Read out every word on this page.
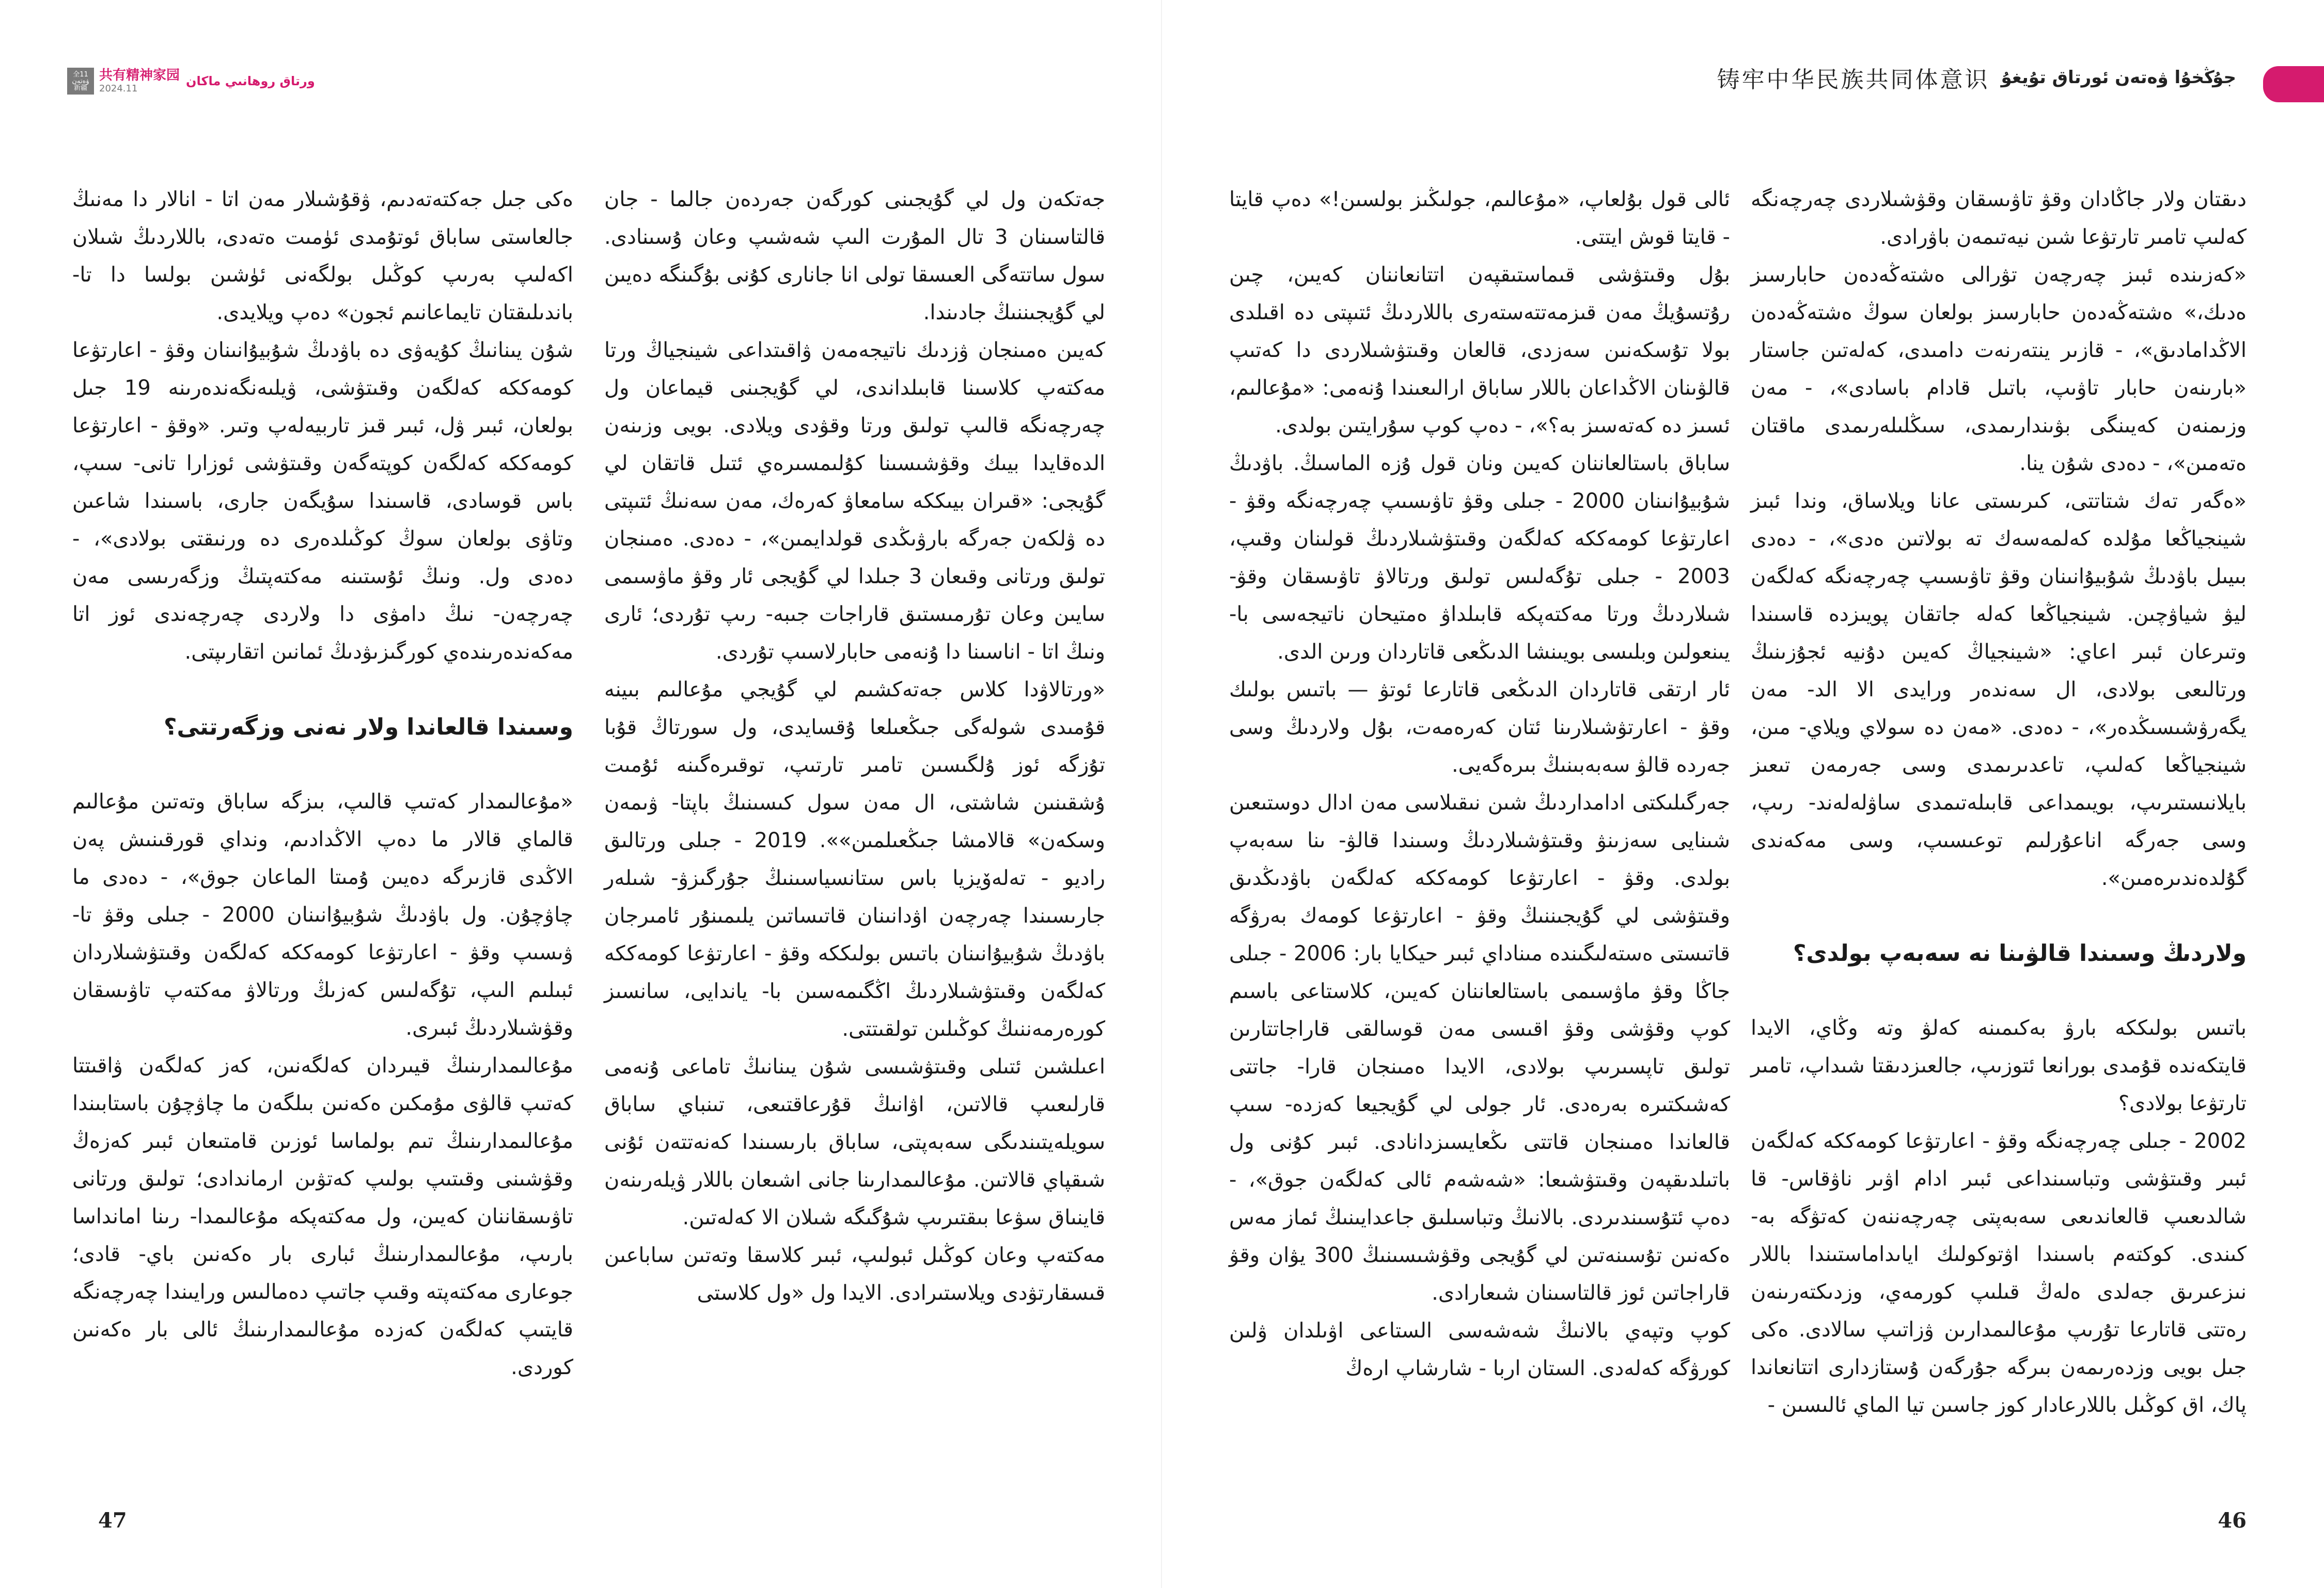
全11
ۋەتەن
新疆
共有精神家园
2024.11
ورتاق روھانىي ماكان	铸牢中华民族共同体意识 جۇڭخۇا ۋەتەن ئورتاق تۇيغۇ

ەكى جىل جەكتەتەدىم، ۋقۇشىلار مەن اتا - انالار دا مەنىڭ جالعاستى ساباق ئوتۇمدى ئۈمىت ەتەدى، باللاردىڭ شىلان اكەلىپ بەرىپ كوڭىل بولگەنى ئۈشىن بولسا دا تا- باندىلىقتان تايماعانىم ئجون» دەپ ويلايدى.

شۇن يىنانىڭ كۇيەۋى دە باۋدىڭ شۇبيۇانىنان وقۋ - اعارتۋعا كومەككە كەلگەن وقىتۋشى، ۋيلىەنگەندەرىنە 19 جىل بولعان، ئبىر ۋل، ئبىر قىز تاربيەلەپ وتىر. «وقۋ - اعارتۋعا كومەككە كەلگەن كوپتەگەن وقىتۋشى ئوزارا تانى- سىپ، باس قوسادى، قاسىندا سۇيگەن جارى، باسىندا شاعىن وتاۋى بولعان سوڭ كوڭىلدەرى دە ورنىقتى بولادى»، - دەدى ول. ونىڭ ئۇستىنە مەكتەپتىڭ وزگەرىسى مەن چەرچەن- نىڭ دامۋى دا ولاردى چەرچەندى ئوز اتا مەكەندەرىندەي كورگىزىۋدىڭ ئمانىن اتقارىپتى.

وسىندا قالعاندا ولار نەنى وزگەرتتى؟

«مۇعالىمدار كەتىپ قالىپ، بىزگە ساباق وتەتىن مۇعالىم قالماي قالار ما دەپ الاڭدادىم، ونداي قورقىنىش پەن الاڭدى قازىرگە دەيىن ۇمىتا الماعان جوق»، - دەدى ما چاۋچۇن. ول باۋدىڭ شۇبيۇانىنان 2000 - جىلى وقۋ تا- ۋىسىپ وقۋ - اعارتۋعا كومەككە كەلگەن وقىتۋشىلاردان ئبىلىم الىپ، تۇگەلىس كەزىڭ ورتالاۋ مەكتەپ تاۋىسقان وقۋشىلاردىڭ ئبىرى.

مۇعالىمدارىنىڭ قيىردان كەلگەنىن، كەز كەلگەن ۋاقىتتا كەتىپ قالۋى مۇمكىن ەكەنىن بىلگەن ما چاۋچۇن باستابىندا مۇعالىمدارىنىڭ تىم بولماسا ئوزىن قامتىعان ئبىر كەزەڭ وقۋشىنى وقىتىپ بولىپ كەتۋىن ارماندادى؛ تولىق ورتانى تاۋىسقاننان كەيىن، ول مەكتەپكە مۇعالىمدا- رىنا امانداسا بارىپ، مۇعالىمدارىنىڭ ئبارى بار ەكەنىن باي- قادى؛ جوعارى مەكتەپتە وقىپ جاتىپ دەمالىس ورايىندا چەرچەنگە قايتىپ كەلگەن كەزدە مۇعالىمدارىنىڭ ئالى بار ەكەنىن كوردى.

جەتكەن ول لي گۇيجىنى كورگەن جەردەن جالما - جان قالتاسىنان 3 تال المۇرت الىپ شەشىپ وعان ۇسىنادى. سول ساتتەگى العىسقا تولى انا جانارى كۇنى بۇگىنگە دەيىن لي گۇيجىننىڭ جادىندا.

كەيىن ەمىنجان ۋزدىك ناتيجەمەن ۋاقىتداعى شينجياڭ ورتا مەكتەپ كلاسىنا قابىلداندى، لي گۇيجىنى قيماعان ول چەرچەنگە قالىپ تولىق ورتا وقۋدى ويلادى. بويى وزىنەن الدەقايدا بيىك وقۋشىسىنا كۇلىمسىرەي ئتىل قاتقان لي گۇيجى: «قىران بيىككە سامعاۋ كەرەك، مەن سەنىڭ ئتىپتى دە ۋلكەن جەرگە بارۋىڭدى قولدايمىن»، - دەدى. ەمىنجان تولىق ورتانى وقىعان 3 جىلدا لي گۇيجى ئار وقۋ ماۋسىمى سايىن وعان تۇرمىستىق قاراجات جىبە- رىپ تۇردى؛ ئارى ونىڭ اتا - اناسىنا دا ۇنەمى حابارلاسىپ تۇردى.

«ورتالاۋدا كلاس جەتەكشىم لي گۇيجي مۇعالىم بىينە قۇمىدى شولەگى جىڭعىلعا ۇقسايدى، ول سورتاڭ قۇبا تۇزگە ئوز ۇلگىسىن تامىر تارتىپ، توقىرەگىنە ئۇمىت ۇشقىنىن شاشتى، ال مەن سول كىسىنىڭ باپتا- ۋىمەن وسكەن» قالامشا جىڭعىلمىن»». 2019 - جىلى ورتالىق راديو - تەلەۆيزيا باس ستانسياسىنىڭ جۇرگىزۋ- شىلەر جارىسىندا چەرچەن اۋدانىنان قاتىساتىن يلىمىنۇر ئامىرجان باۋدىڭ شۇبيۇانىنان باتىس بولىككە وقۋ - اعارتۋعا كومەككە كەلگەن وقىتۋشىلاردىڭ اڭگىمەسىن با- ياندايى، سانسىز كورەرمەننىڭ كوڭىلىن تولقىتتى.

اعىلشىن ئتىلى وقىتۋشىسى شۇن يىنانىڭ تاماعى ۇنەمى قارلىعىپ قالاتىن، اۋانىڭ قۇرعاقتىعى، تىنباي ساباق سويلەيتىندىگى سەبەپتى، ساباق بارىسىندا كەنەتتەن ئۇنى شىقپاي قالاتىن. مۇعالىمدارىنا جانى اشىعان باللار ۋيلەرىنەن قاينىاق سۋعا بىقتىرىپ شۇگىگە شىلان الا كەلەتىن.

مەكتەپ وعان كوڭىل ئبولىپ، ئبىر كلاسقا وتەتىن ساباعىن قىسقارتۋدى ويلاستىرادى. الايدا ول «ول كلاستى

ئالى قول بۇلعاپ، «مۇعالىم، جولىڭىز بولسىن!» دەپ قايتا - قايتا قوش ايتتى.

بۇل وقىتۋشى قىماستىقپەن اتتانعاننان كەيىن، چىن رۇتسۇيڭ مەن قىزمەتتەستەرى باللاردىڭ ئتىپتى دە اقىلدى بولا تۇسكەنىن سەزدى، قالعان وقىتۋشىلاردى دا كەتىپ قالۋىنان الاڭداعان باللار ساباق ارالىعىندا ۇنەمى: «مۇعالىم، ئسىز دە كەتەسىز بە؟»، - دەپ كوپ سۇرايتىن بولدى.

ساباق باستالعاننان كەيىن ونان قول ۇزە الماسىڭ. باۋدىڭ شۇبيۇانىنان 2000 - جىلى وقۋ تاۋىسىپ چەرچەنگە وقۋ - اعارتۋعا كومەككە كەلگەن وقىتۋشىلاردىڭ قولىنان وقىپ، 2003 - جىلى تۇگەلىس تولىق ورتالاۋ تاۋىسقان وقۋ- شىلاردىڭ ورتا مەكتەپكە قابىلداۋ ەمتيحان ناتيجەسى با- يىنعولىن وبلىسى بويىنشا الدىڭعى قاتاردان ورىن الدى.

ئار ارتقى قاتاردان الدىڭعى قاتارعا ئوتۋ — باتىس بولىك وقۋ - اعارتۋشىلارىنا ئتان كەرەمەت، بۇل ولاردىڭ وسى جەردە قالۋ سەبەبىنىڭ بىرەگەيى.

جەرگىلىكتى ادامداردىڭ شىن نىقىلاسى مەن ادال دوستىعىن شىنايى سەزىنۋ وقىتۋشىلاردىڭ وسىندا قالۋ- ىنا سەبەپ بولدى. وقۋ - اعارتۋعا كومەككە كەلگەن باۋدىڭدىق وقىتۋشى لي گۇيجىننىڭ وقۋ - اعارتۋعا كومەك بەرۋگە قاتىستى ەستەلىگىندە مىناداي ئبىر حيكايا بار: 2006 - جىلى جاڭا وقۋ ماۋسىمى باستالعاننان كەيىن، كلاستاعى باسىم كوپ وقۋشى وقۋ اقىسى مەن قوسالقى قاراجاتتارىن تولىق تاپسىرىپ بولادى، الايدا ەمىنجان قارا- جاتتى كەشىكتىرە بەرەدى. ئار جولى لي گۇيجيعا كەزدە- سىپ قالعاندا ەمىنجان قاتتى ىڭعايسىزدانادى. ئبىر كۇنى ول باتىلدىقپەن وقىتۋشىعا: «شەشەم ئالى كەلگەن جوق»، - دەپ ئتۇسىندىردى. بالانىڭ وتباسىلىق جاعدايىنىڭ ئماز مەس ەكەنىن تۇسىنەتىن لي گۇيجى وقۋشىسىنىڭ 300 يۋان وقۋ قاراجاتىن ئوز قالتاسىنان شىعارادى.

كوپ وتپەي بالانىڭ شەشەسى الستاعى اۋىلدان ۋلىن كورۋگە كەلەدى. الستان اربا - شارشاپ ارەڭ

دىقتان ولار جاڭادان وقۋ تاۋىسقان وقۋشىلاردى چەرچەنگە كەلىپ تامىر تارتۋعا شىن نيەتىمەن باۋرادى.

«كەزىندە ئبىز چەرچەن تۋرالى ەشتەڭەدەن حابارسىز ەدىك،» ەشتەڭەدەن حابارسىز بولعان سوڭ ەشتەڭەدەن الاڭدامادىق»، - قازىر ينتەرنەت دامىدى، كەلەتىن جاستار «بارىنەن حابار تاۋىپ، باتىل قادام باسادى»، - مەن وزىمنەن كەيىنگى بۋىندارىمدى، سىڭلىلەرىمدى ماقتان ەتەمىن»، - دەدى شۇن ينا.

«ەگەر تەك شتاتتى، كىرىستى عانا ويلاساق، وندا ئبىز شينجياڭعا مۇلدە كەلمەسەك تە بولاتىن ەدى»، - دەدى بىيىل باۋدىڭ شۇبيۇانىنان وقۋ تاۋىسىپ چەرچەنگە كەلگەن ليۋ شياۋچىن. شينجياڭعا كەلە جاتقان پويىزدە قاسىندا وتىرعان ئبىر اعاي: «شينجياڭ كەيىن دۇنيە ئجۇزىنىڭ ورتالىعى بولادى، ال سەندەر ورايدى الا الد- مەن يگەرۋشىسىڭدەر»، - دەدى. «مەن دە سولاي ويلاي- مىن، شينجياڭعا كەلىپ، تاعدىرىمدى وسى جەرمەن تىعىز بايلانىستىرىپ، بويىمداعى قابىلەتىمدى ساۋلەلەند- رىپ، وسى جەرگە اناعۇرلىم توعىسىپ، وسى مەكەندى گۇلدەندىرەمىن».

ولاردىڭ وسىندا قالۋىنا نە سەبەپ بولدى؟

باتىس بولىككە بارۋ بەكىمىنە كەلۋ وتە وڭاي، الايدا قايتكەندە قۇمدى بورانعا ئتوزىپ، جالعىزدىقتا شىداپ، تامىر تارتۋعا بولادى؟

2002 - جىلى چەرچەنگە وقۋ - اعارتۋعا كومەككە كەلگەن ئبىر وقىتۋشى وتباسىنداعى ئبىر ادام اۋىر ناۋقاس- قا شالدىعىپ قالعاندىعى سەبەپتى چەرچەننەن كەتۋگە بە- كىندى. كوكتەم باسىندا اۋتوكولىك اياىداماستىندا باللار نىزعىرىق جەلدى ەلەڭ قىلىپ كورمەي، وزدىكتەرىنەن رەتتى قاتارعا تۇرىپ مۇعالىمدارىن ۋزاتىپ سالادى. ەكى جىل بويى وزدەرىمەن بىرگە جۇرگەن ۇستازدارى اتتانعاندا پاك، اق كوڭىل باللارعادار كوز جاسىن تيا الماي ئالىسىن -

47	46
